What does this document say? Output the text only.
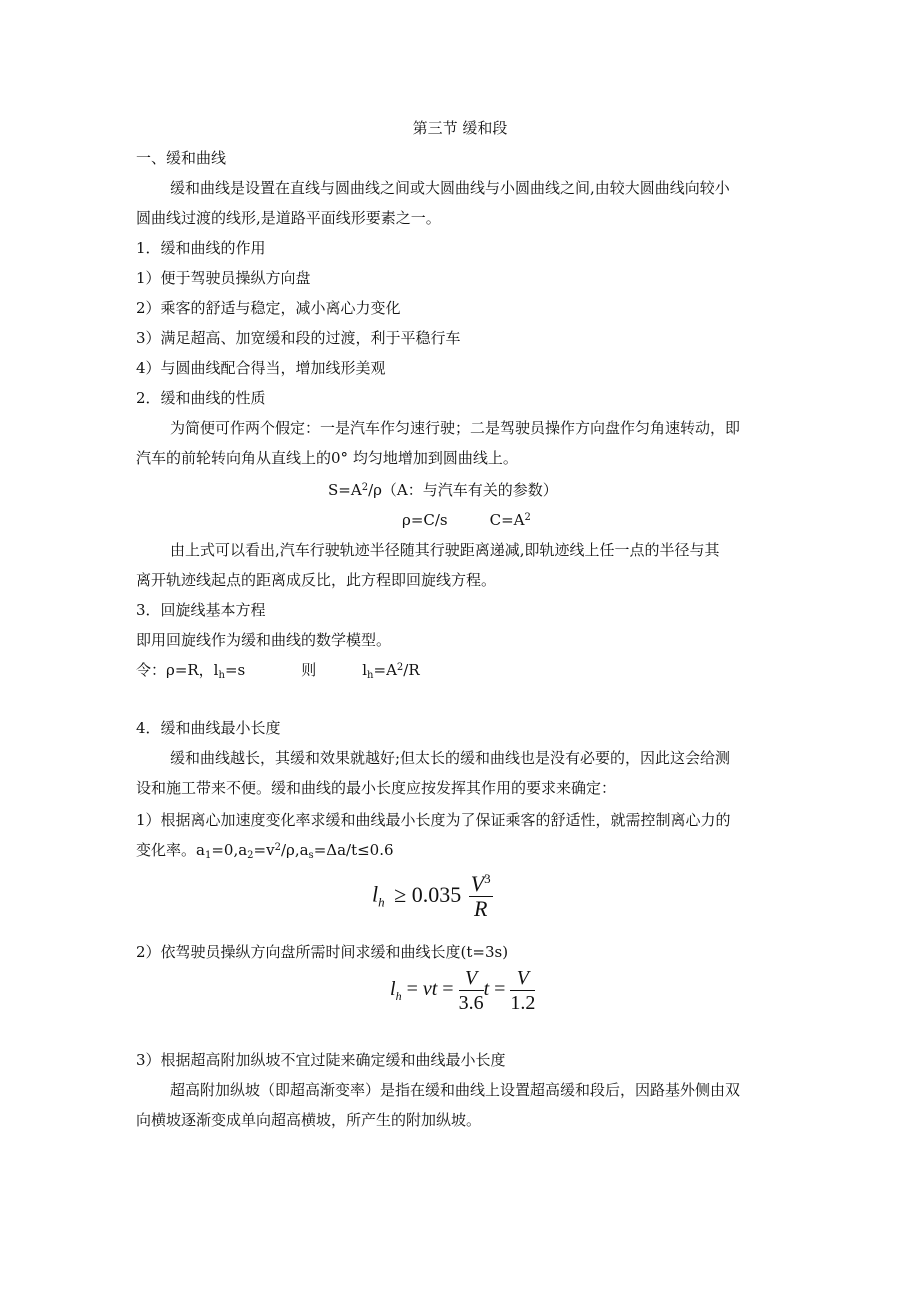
第三节 缓和段
一、缓和曲线
缓和曲线是设置在直线与圆曲线之间或大圆曲线与小圆曲线之间,由较大圆曲线向较小
圆曲线过渡的线形,是道路平面线形要素之一。
1．缓和曲线的作用
1）便于驾驶员操纵方向盘
2）乘客的舒适与稳定，减小离心力变化
3）满足超高、加宽缓和段的过渡，利于平稳行车
4）与圆曲线配合得当，增加线形美观
2．缓和曲线的性质
为简便可作两个假定：一是汽车作匀速行驶；二是驾驶员操作方向盘作匀角速转动，即
汽车的前轮转向角从直线上的0° 均匀地增加到圆曲线上。
$S=A^2/\rho(A$：与汽车有关的参数）
ρ=C/s	$C=A^2$
由上式可以看出,汽车行驶轨迹半径随其行驶距离递减,即轨迹线上任一点的半径与其
离开轨迹线起点的距离成反比，此方程即回旋线方程。
3．回旋线基本方程
即用回旋线作为缓和曲线的数学模型。
令：ρ=R，$l_h=s$	则	$l_h=A^2/R$
4．缓和曲线最小长度
缓和曲线越长，其缓和效果就越好;但太长的缓和曲线也是没有必要的，因此这会给测
设和施工带来不便。缓和曲线的最小长度应按发挥其作用的要求来确定：
1）根据离心加速度变化率求缓和曲线最小长度为了保证乘客的舒适性，就需控制离心力的
变化率。$a_1=0,a_2=v^2/\rho,a_s=\Delta a/t\le 0.6$
$l_h \ge 0.035 \frac{V^3}{R}$
2）依驾驶员操纵方向盘所需时间求缓和曲线长度(t=3s)
$l_h$ = vt = $\frac{V}{3.6}$ $t = \frac{V}{1.2}$
3）根据超高附加纵坡不宜过陡来确定缓和曲线最小长度
超高附加纵坡（即超高渐变率）是指在缓和曲线上设置超高缓和段后，因路基外侧由双
向横坡逐渐变成单向超高横坡，所产生的附加纵坡。
